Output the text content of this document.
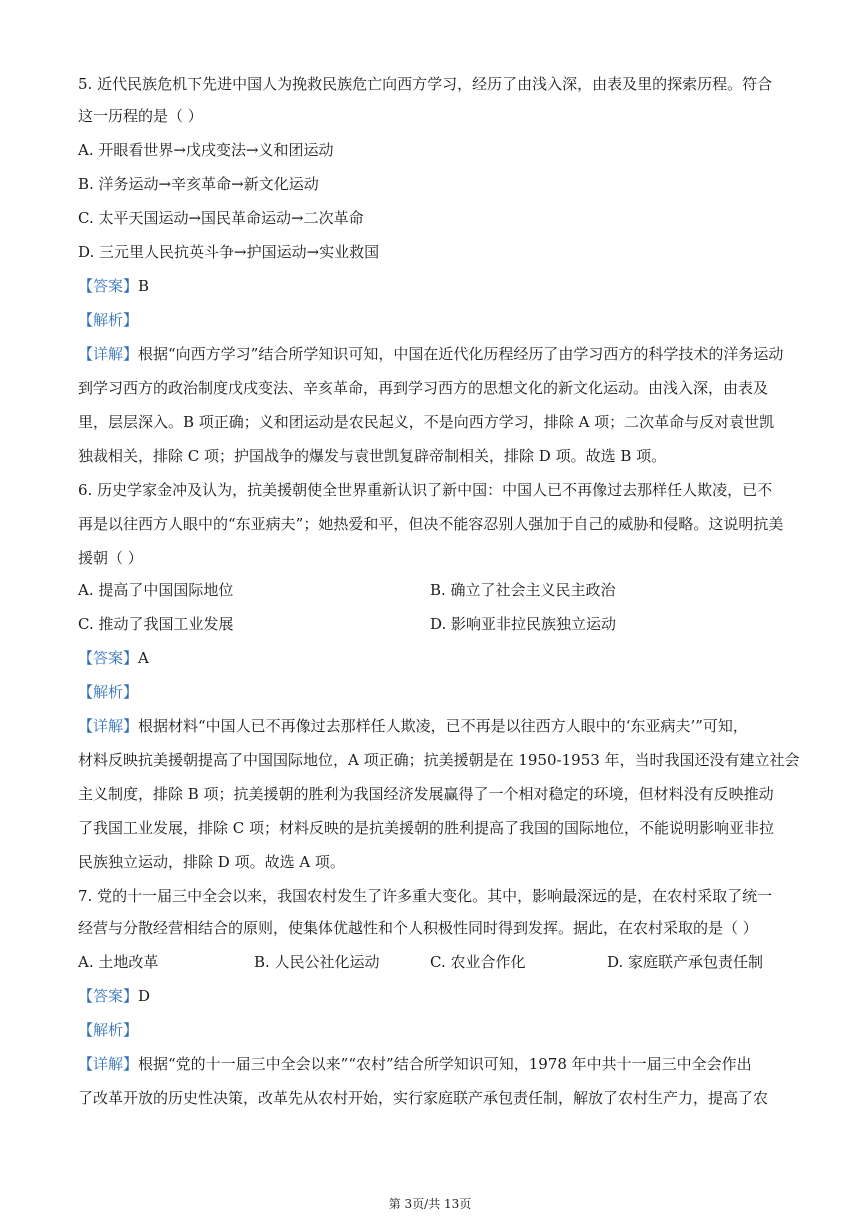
5. 近代民族危机下先进中国人为挽救民族危亡向西方学习，经历了由浅入深，由表及里的探索历程。符合
这一历程的是（ ）
A. 开眼看世界→戊戌变法→义和团运动
B. 洋务运动→辛亥革命→新文化运动
C. 太平天国运动→国民革命运动→二次革命
D. 三元里人民抗英斗争→护国运动→实业救国
【答案】B
【解析】
【详解】根据“向西方学习”结合所学知识可知，中国在近代化历程经历了由学习西方的科学技术的洋务运动
到学习西方的政治制度戊戌变法、辛亥革命，再到学习西方的思想文化的新文化运动。由浅入深，由表及
里，层层深入。B 项正确；义和团运动是农民起义，不是向西方学习，排除 A 项；二次革命与反对袁世凯
独裁相关，排除 C 项；护国战争的爆发与袁世凯复辟帝制相关，排除 D 项。故选 B 项。
6. 历史学家金冲及认为，抗美援朝使全世界重新认识了新中国：中国人已不再像过去那样任人欺凌，已不
再是以往西方人眼中的“东亚病夫”；她热爱和平，但决不能容忍别人强加于自己的威胁和侵略。这说明抗美
援朝（ ）
A. 提高了中国国际地位	B. 确立了社会主义民主政治
C. 推动了我国工业发展	D. 影响亚非拉民族独立运动
【答案】A
【解析】
【详解】根据材料“中国人已不再像过去那样任人欺凌，已不再是以往西方人眼中的‘东亚病夫’”可知，
材料反映抗美援朝提高了中国国际地位，A 项正确；抗美援朝是在 1950-1953 年，当时我国还没有建立社会
主义制度，排除 B 项；抗美援朝的胜利为我国经济发展赢得了一个相对稳定的环境，但材料没有反映推动
了我国工业发展，排除 C 项；材料反映的是抗美援朝的胜利提高了我国的国际地位，不能说明影响亚非拉
民族独立运动，排除 D 项。故选 A 项。
7. 党的十一届三中全会以来，我国农村发生了许多重大变化。其中，影响最深远的是，在农村采取了统一
经营与分散经营相结合的原则，使集体优越性和个人积极性同时得到发挥。据此，在农村采取的是（ ）
A. 土地改革	B. 人民公社化运动	C. 农业合作化	D. 家庭联产承包责任制
【答案】D
【解析】
【详解】根据“党的十一届三中全会以来”“农村”结合所学知识可知，1978 年中共十一届三中全会作出
了改革开放的历史性决策，改革先从农村开始，实行家庭联产承包责任制，解放了农村生产力，提高了农
第 3页/共 13页
